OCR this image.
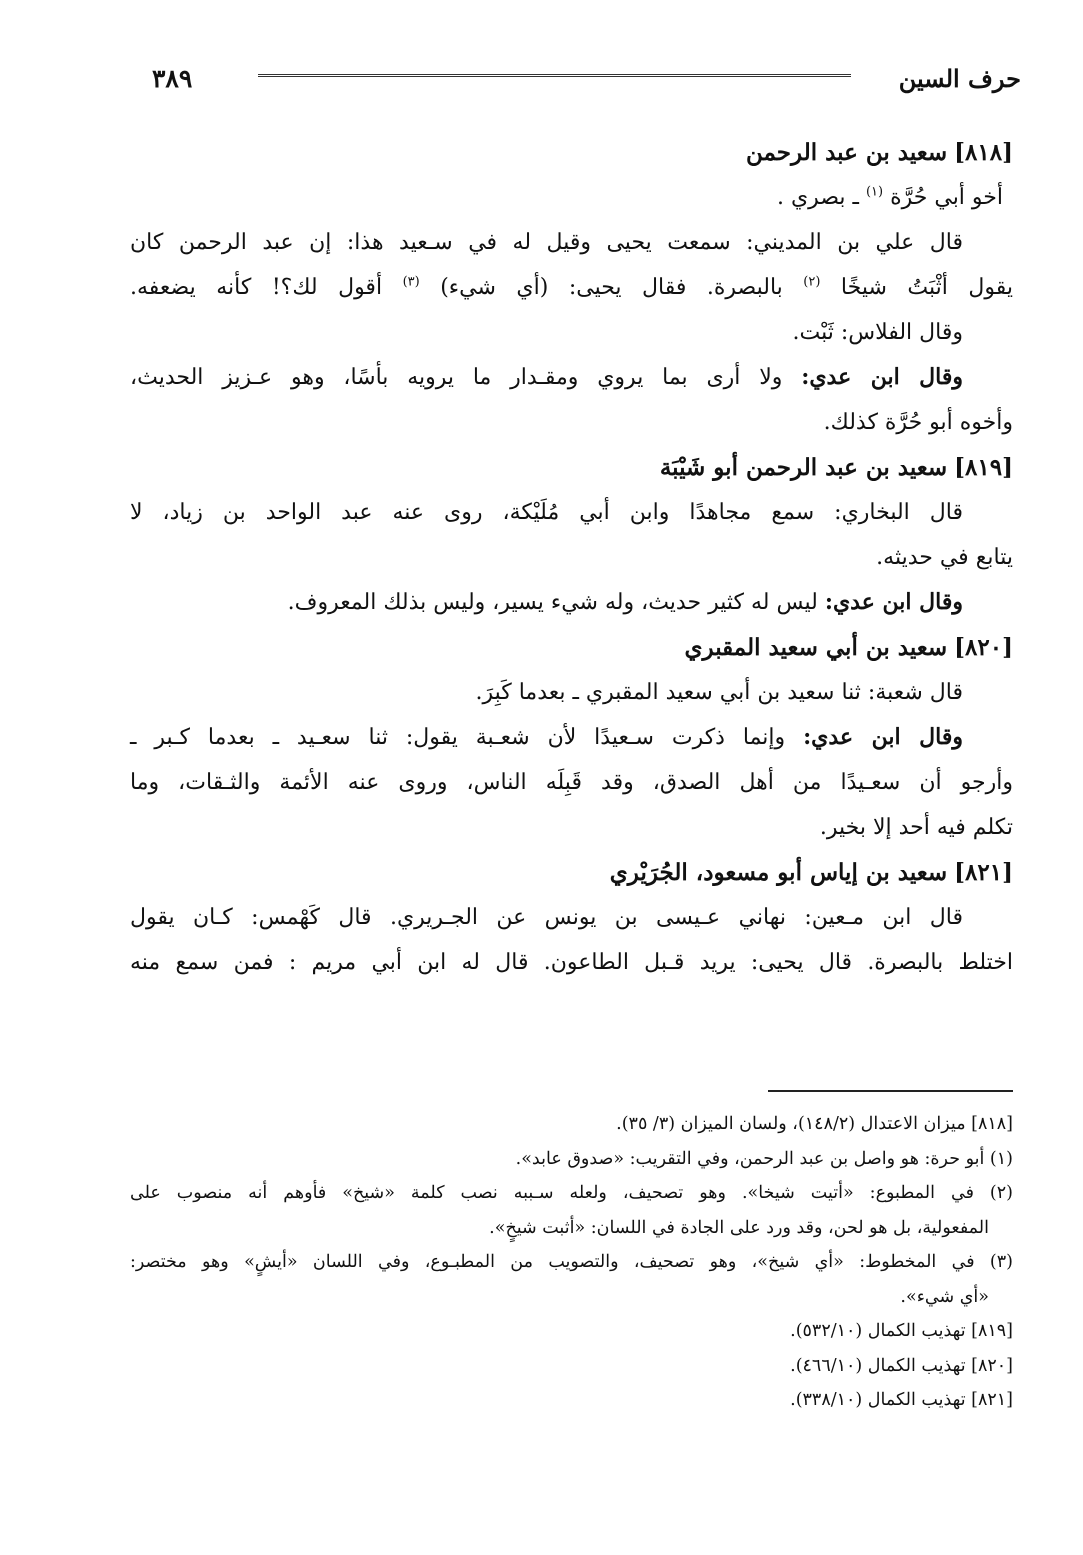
٣٨٩	حرف السين
[٨١٨] سعيد بن عبد الرحمن
أخو أبي حُرَّة $^{(١)}$ ـ بصري .
قال علي بن المديني: سمعت يحيى وقيل له في سـعيد هذا: إن عبد الرحمن كان
يقول أثْبَتُ شيخًا $^{(٢)}$ بالبصرة. فقال يحيى: (أي شيء) $^{(٣)}$ أقول لك؟! كأنه يضعفه.
وقال الفلاس: ثَبْت.
وقال ابن عدي: ولا أرى بما يروي ومقـدار ما يرويه بأسًا، وهو عـزيز الحديث،
وأخوه أبو حُرَّة كذلك.
[٨١٩] سعيد بن عبد الرحمن أبو شَيْبَة
قال البخاري: سمع مجاهدًا وابن أبي مُلَيْكة، روى عنه عبد الواحد بن زياد، لا
يتابع في حديثه.
وقال ابن عدي: ليس له كثير حديث، وله شيء يسير، وليس بذلك المعروف.
[٨٢٠] سعيد بن أبي سعيد المقبري
قال شعبة: ثنا سعيد بن أبي سعيد المقبري ـ بعدما كَبِرَ.
وقال ابن عدي: وإنما ذكرت سـعيدًا لأن شعـبة يقول: ثنا سعـيد ـ بعدما كـبر ـ
وأرجو أن سعـيدًا من أهل الصدق، وقد قَبِلَه الناس، وروى عنه الأئمة والثـقات، وما
تكلم فيه أحد إلا بخير.
[٨٢١] سعيد بن إياس أبو مسعود، الجُرَيْري
قال ابن مـعين: نهاني عـيسى بن يونس عن الجـريري. قال كَهْمس: كـان يقول
اختلط بالبصرة. قال يحيى: يريد قـبل الطاعون. قال له ابن أبي مريم : فمن سمع منه
[٨١٨] ميزان الاعتدال (١٤٨/٢)، ولسان الميزان (٣/ ٣٥).
(١) أبو حرة: هو واصل بن عبد الرحمن، وفي التقريب: «صدوق عابد».
(٢) في المطبوع: «أتيت شيخا». وهو تصحيف، ولعله سـببه نصب كلمة «شيخ» فأوهم أنه منصوب على
المفعولية، بل هو لحن، وقد ورد على الجادة في اللسان: «أثبت شيخٍ».
(٣) في المخطوط: «أي شيخ»، وهو تصحيف، والتصويب من المطبـوع، وفي اللسان «أيشٍ» وهو مختصر:
«أي شيء».
[٨١٩] تهذيب الكمال (٥٣٢/١٠).
[٨٢٠] تهذيب الكمال (٤٦٦/١٠).
[٨٢١] تهذيب الكمال (٣٣٨/١٠).
